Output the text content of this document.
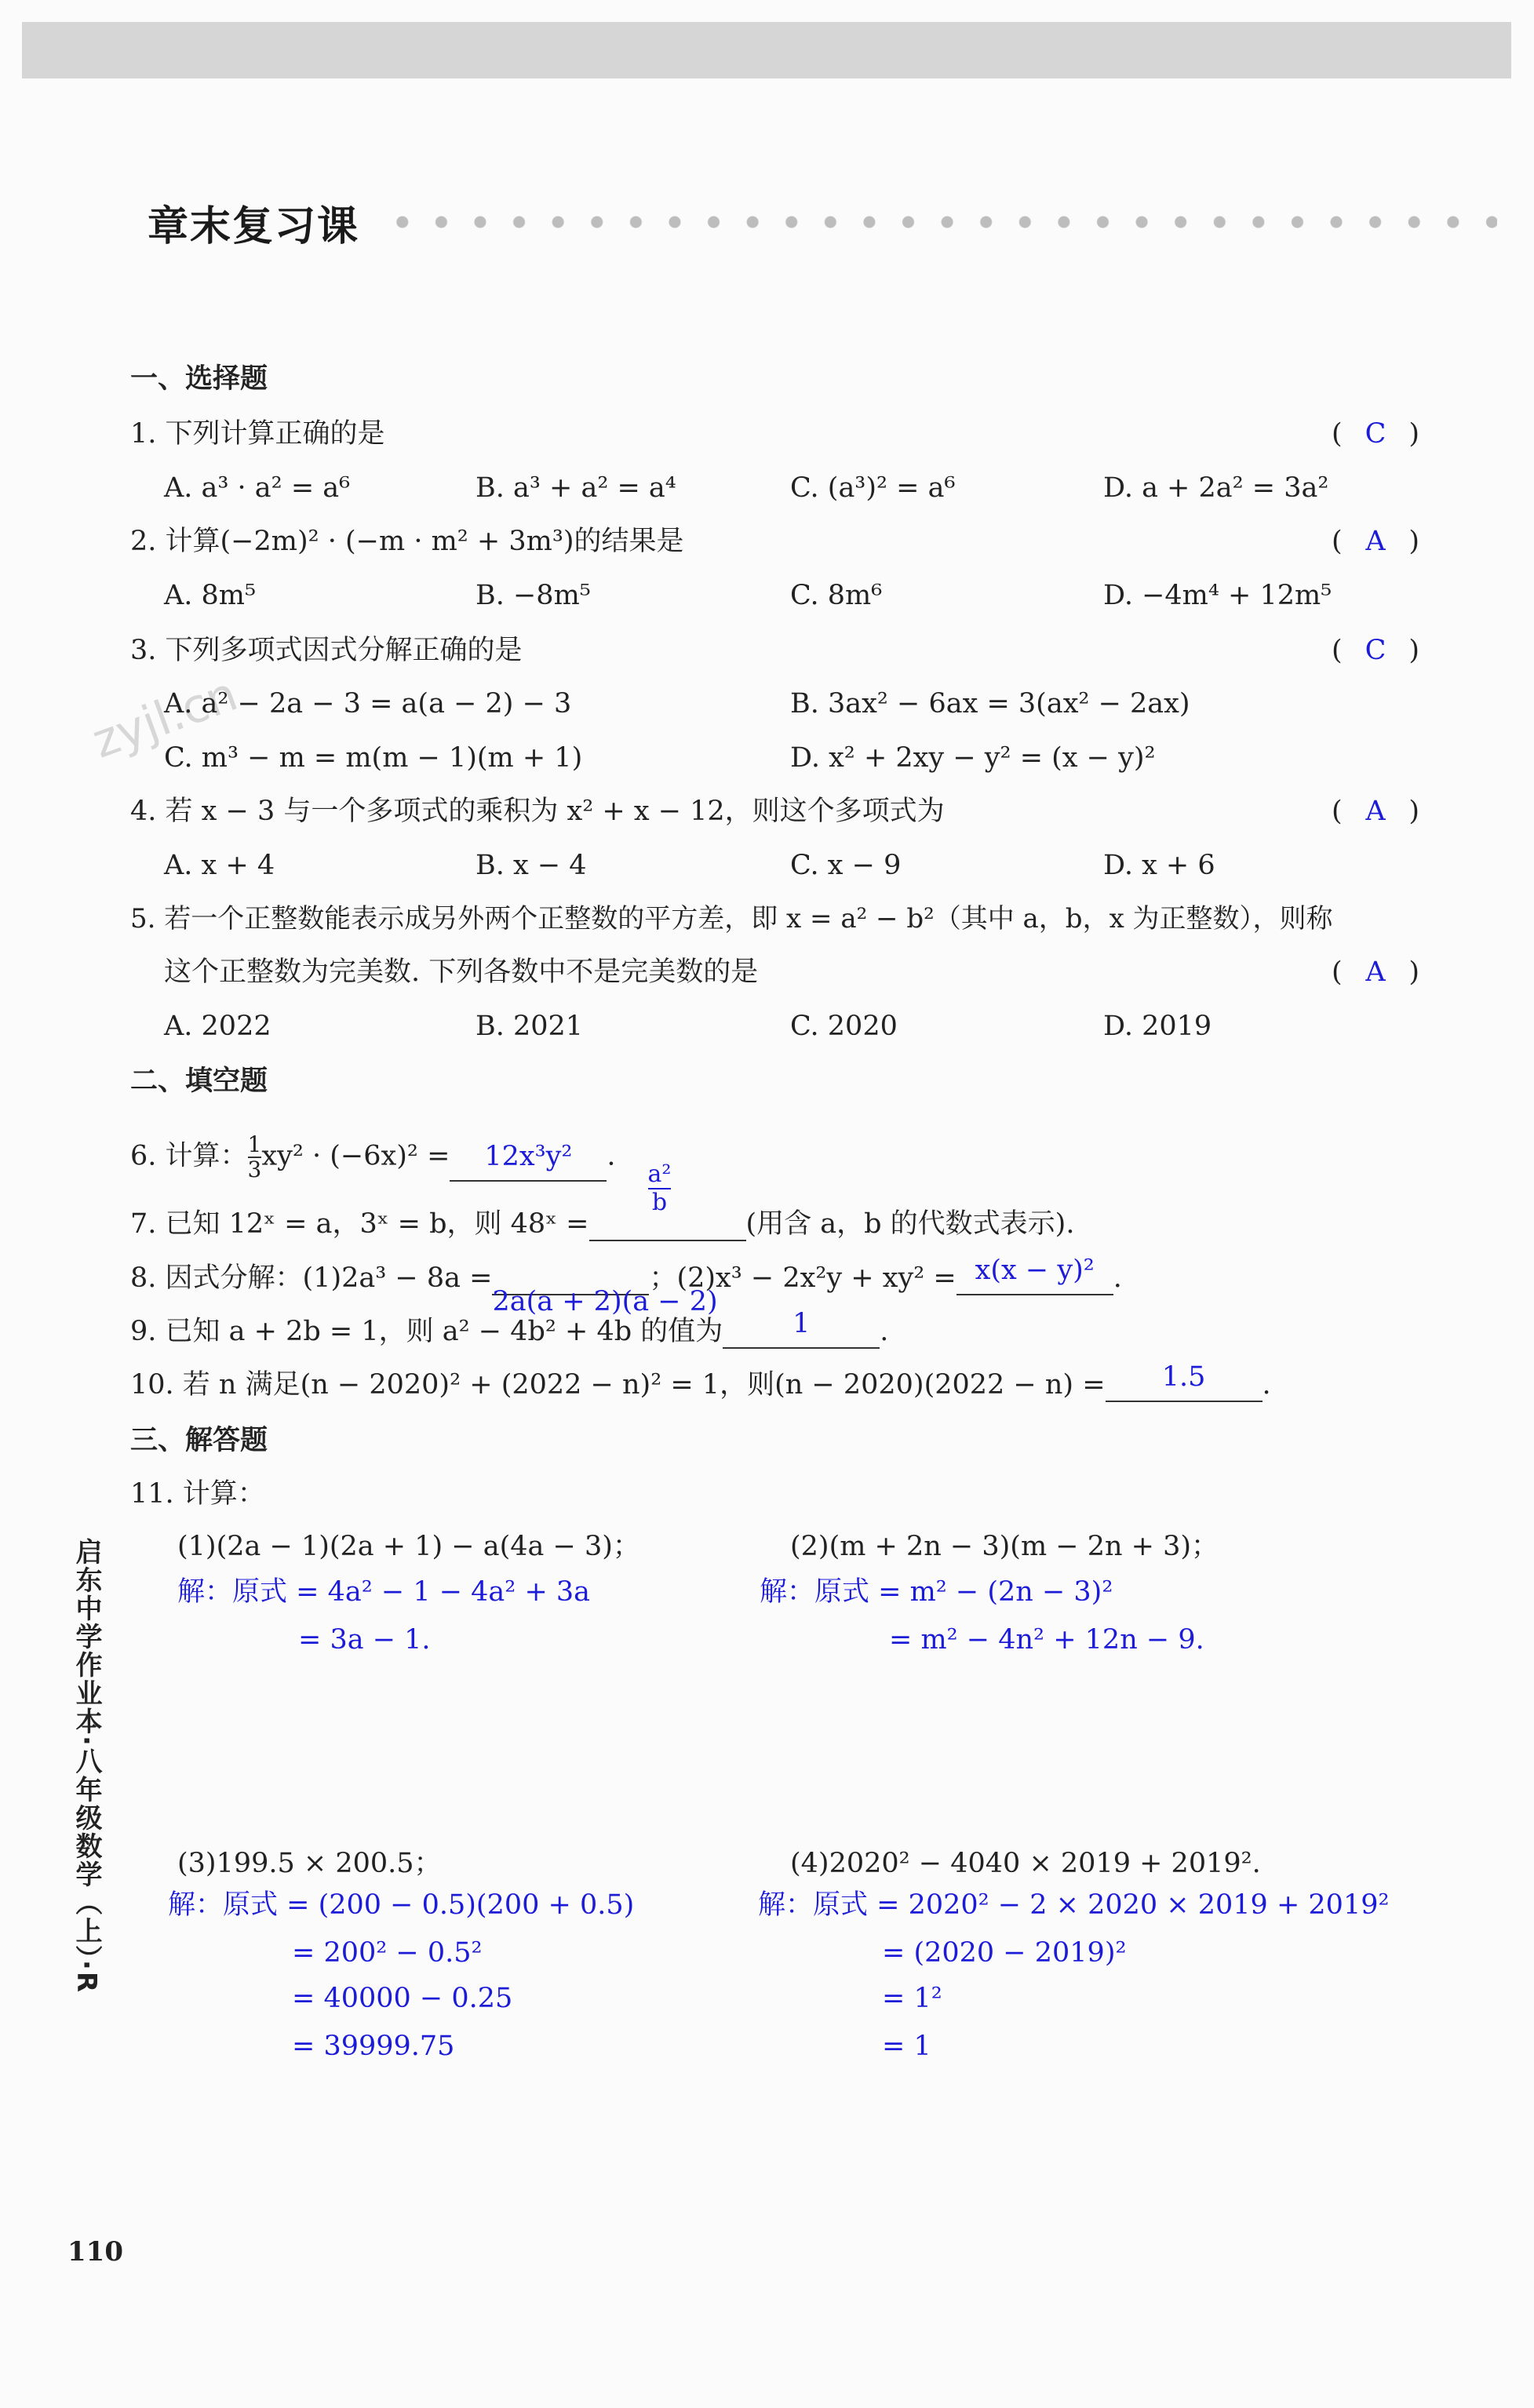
章末复习课
zyjl.cn
一、选择题
1. 下列计算正确的是	( C )
A. a³ · a² = a⁶	B. a³ + a² = a⁴	C. (a³)² = a⁶	D. a + 2a² = 3a²
2. 计算(−2m)² · (−m · m² + 3m³)的结果是	( A )
A. 8m⁵	B. −8m⁵	C. 8m⁶	D. −4m⁴ + 12m⁵
3. 下列多项式因式分解正确的是	( C )
A. a² − 2a − 3 = a(a − 2) − 3	B. 3ax² − 6ax = 3(ax² − 2ax)
C. m³ − m = m(m − 1)(m + 1)	D. x² + 2xy − y² = (x − y)²
4. 若 x − 3 与一个多项式的乘积为 x² + x − 12，则这个多项式为	( A )
A. x + 4	B. x − 4	C. x − 9	D. x + 6
5. 若一个正整数能表示成另外两个正整数的平方差，即 x = a² − b²（其中 a，b，x 为正整数），则称
这个正整数为完美数. 下列各数中不是完美数的是	( A )
A. 2022	B. 2021	C. 2020	D. 2019
二、填空题
6. 计算： $\frac{1}{3} xy^2 \cdot (-6x)^2 = 12x^3y^2$ .
7. 已知 12ˣ = a，3ˣ = b，则 48ˣ =	$\frac{\text{a²}}{b}$	(用含 a，b 的代数式表示).
8. 因式分解：(1)2a³ − 8a =
2a(a + 2)(a − 2)
；(2)x³ − 2x²y + xy² = x(x − y)² .
9. 已知 a + 2b = 1，则 a² − 4b² + 4b 的值为	1	.
10. 若 n 满足(n − 2020)² + (2022 − n)² = 1，则(n − 2020)(2022 − n) = 1.5 .
三、解答题
11. 计算：
(1)(2a − 1)(2a + 1) − a(4a − 3)；
解：原式 = 4a² − 1 − 4a² + 3a
= 3a − 1.
(2)(m + 2n − 3)(m − 2n + 3)；
解：原式 = m² − (2n − 3)²
= m² − 4n² + 12n − 9.
(3)199.5 × 200.5；
解：原式 = (200 − 0.5)(200 + 0.5)
= 200² − 0.5²
= 40000 − 0.25
= 39999.75
(4)2020² − 4040 × 2019 + 2019².
解：原式 = 2020² − 2 × 2020 × 2019 + 2019²
= (2020 − 2019)²
= 1²
= 1
启东中学作业本·八年级数学（上）·R
110
